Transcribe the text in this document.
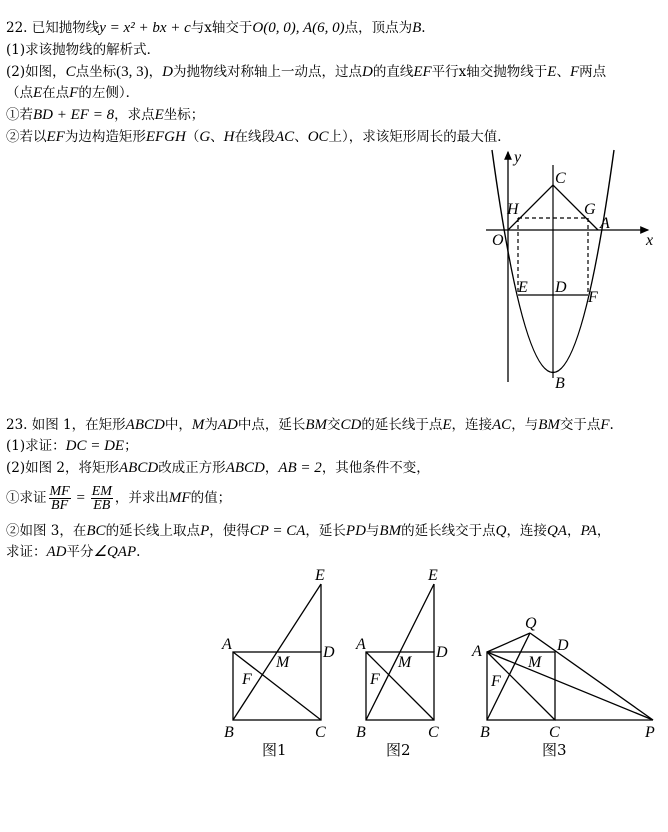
22. 已知抛物线y = x² + bx + c与x轴交于O(0, 0), A(6, 0)点，顶点为B.
(1)求该抛物线的解析式．
(2)如图，C点坐标(3, 3)，D为抛物线对称轴上一动点，过点D的直线EF平行x轴交抛物线于E、F两点
（点E在点F的左侧）．
①若BD + EF = 8，求点E坐标；
②若以EF为边构造矩形EFGH（G、H在线段AC、OC上），求该矩形周长的最大值．
y
x
C
H	G
A
O
E D
F
B
23. 如图 1，在矩形ABCD中，M为AD中点，延长BM交CD的延长线于点E，连接AC，与BM交于点F.
(1)求证：DC = DE；
(2)如图 2，将矩形ABCD改成正方形ABCD，AB = 2，其他条件不变，
①求证 $\frac{MF}{BF} = \frac{EM}{EB}$ ，并求出MF的值；
②如图 3，在BC的延长线上取点P，使得CP = CA，延长PD与BM的延长线交于点Q，连接QA，PA，
求证：AD平分∠QAP.
E
A	D
M
F
B	C
图1
E
A	D
M
F
B	C
图2
Q
A	D
M
F
B	C	P
图3
